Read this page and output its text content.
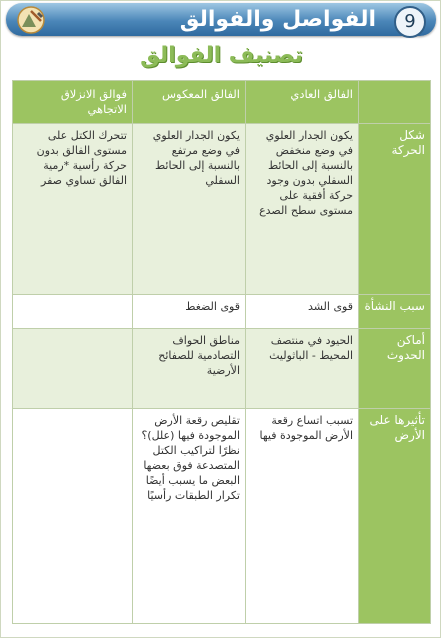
الفواصل والفوالق	9
تصنيف الفوالق
	الفالق العادي	الفالق المعكوس	فوالق الانزلاق الاتجاهي
شكل الحركة	يكون الجدار العلوي في وضع منخفض بالنسبة إلى الحائط السفلي بدون وجود حركة أفقية على مستوى سطح الصدع	يكون الجدار العلوي في وضع مرتفع بالنسبة إلى الحائط السفلي	تتحرك الكتل على مستوى الفالق بدون حركة رأسية *رمية الفالق تساوي صفر
سبب النشأة	قوى الشد	قوى الضغط	
أماكن الحدوث	الحيود في منتصف المحيط - الباثوليث	مناطق الحواف التصادمية للصفائح الأرضية	
تأثيرها على الأرض	تسبب اتساع رقعة الأرض الموجودة فيها	تقليص رقعة الأرض الموجودة فيها (علل)؟ نظرًا لتراكيب الكتل المتصدعة فوق بعضها البعض ما يسبب أيضًا تكرار الطبقات رأسيًا	
